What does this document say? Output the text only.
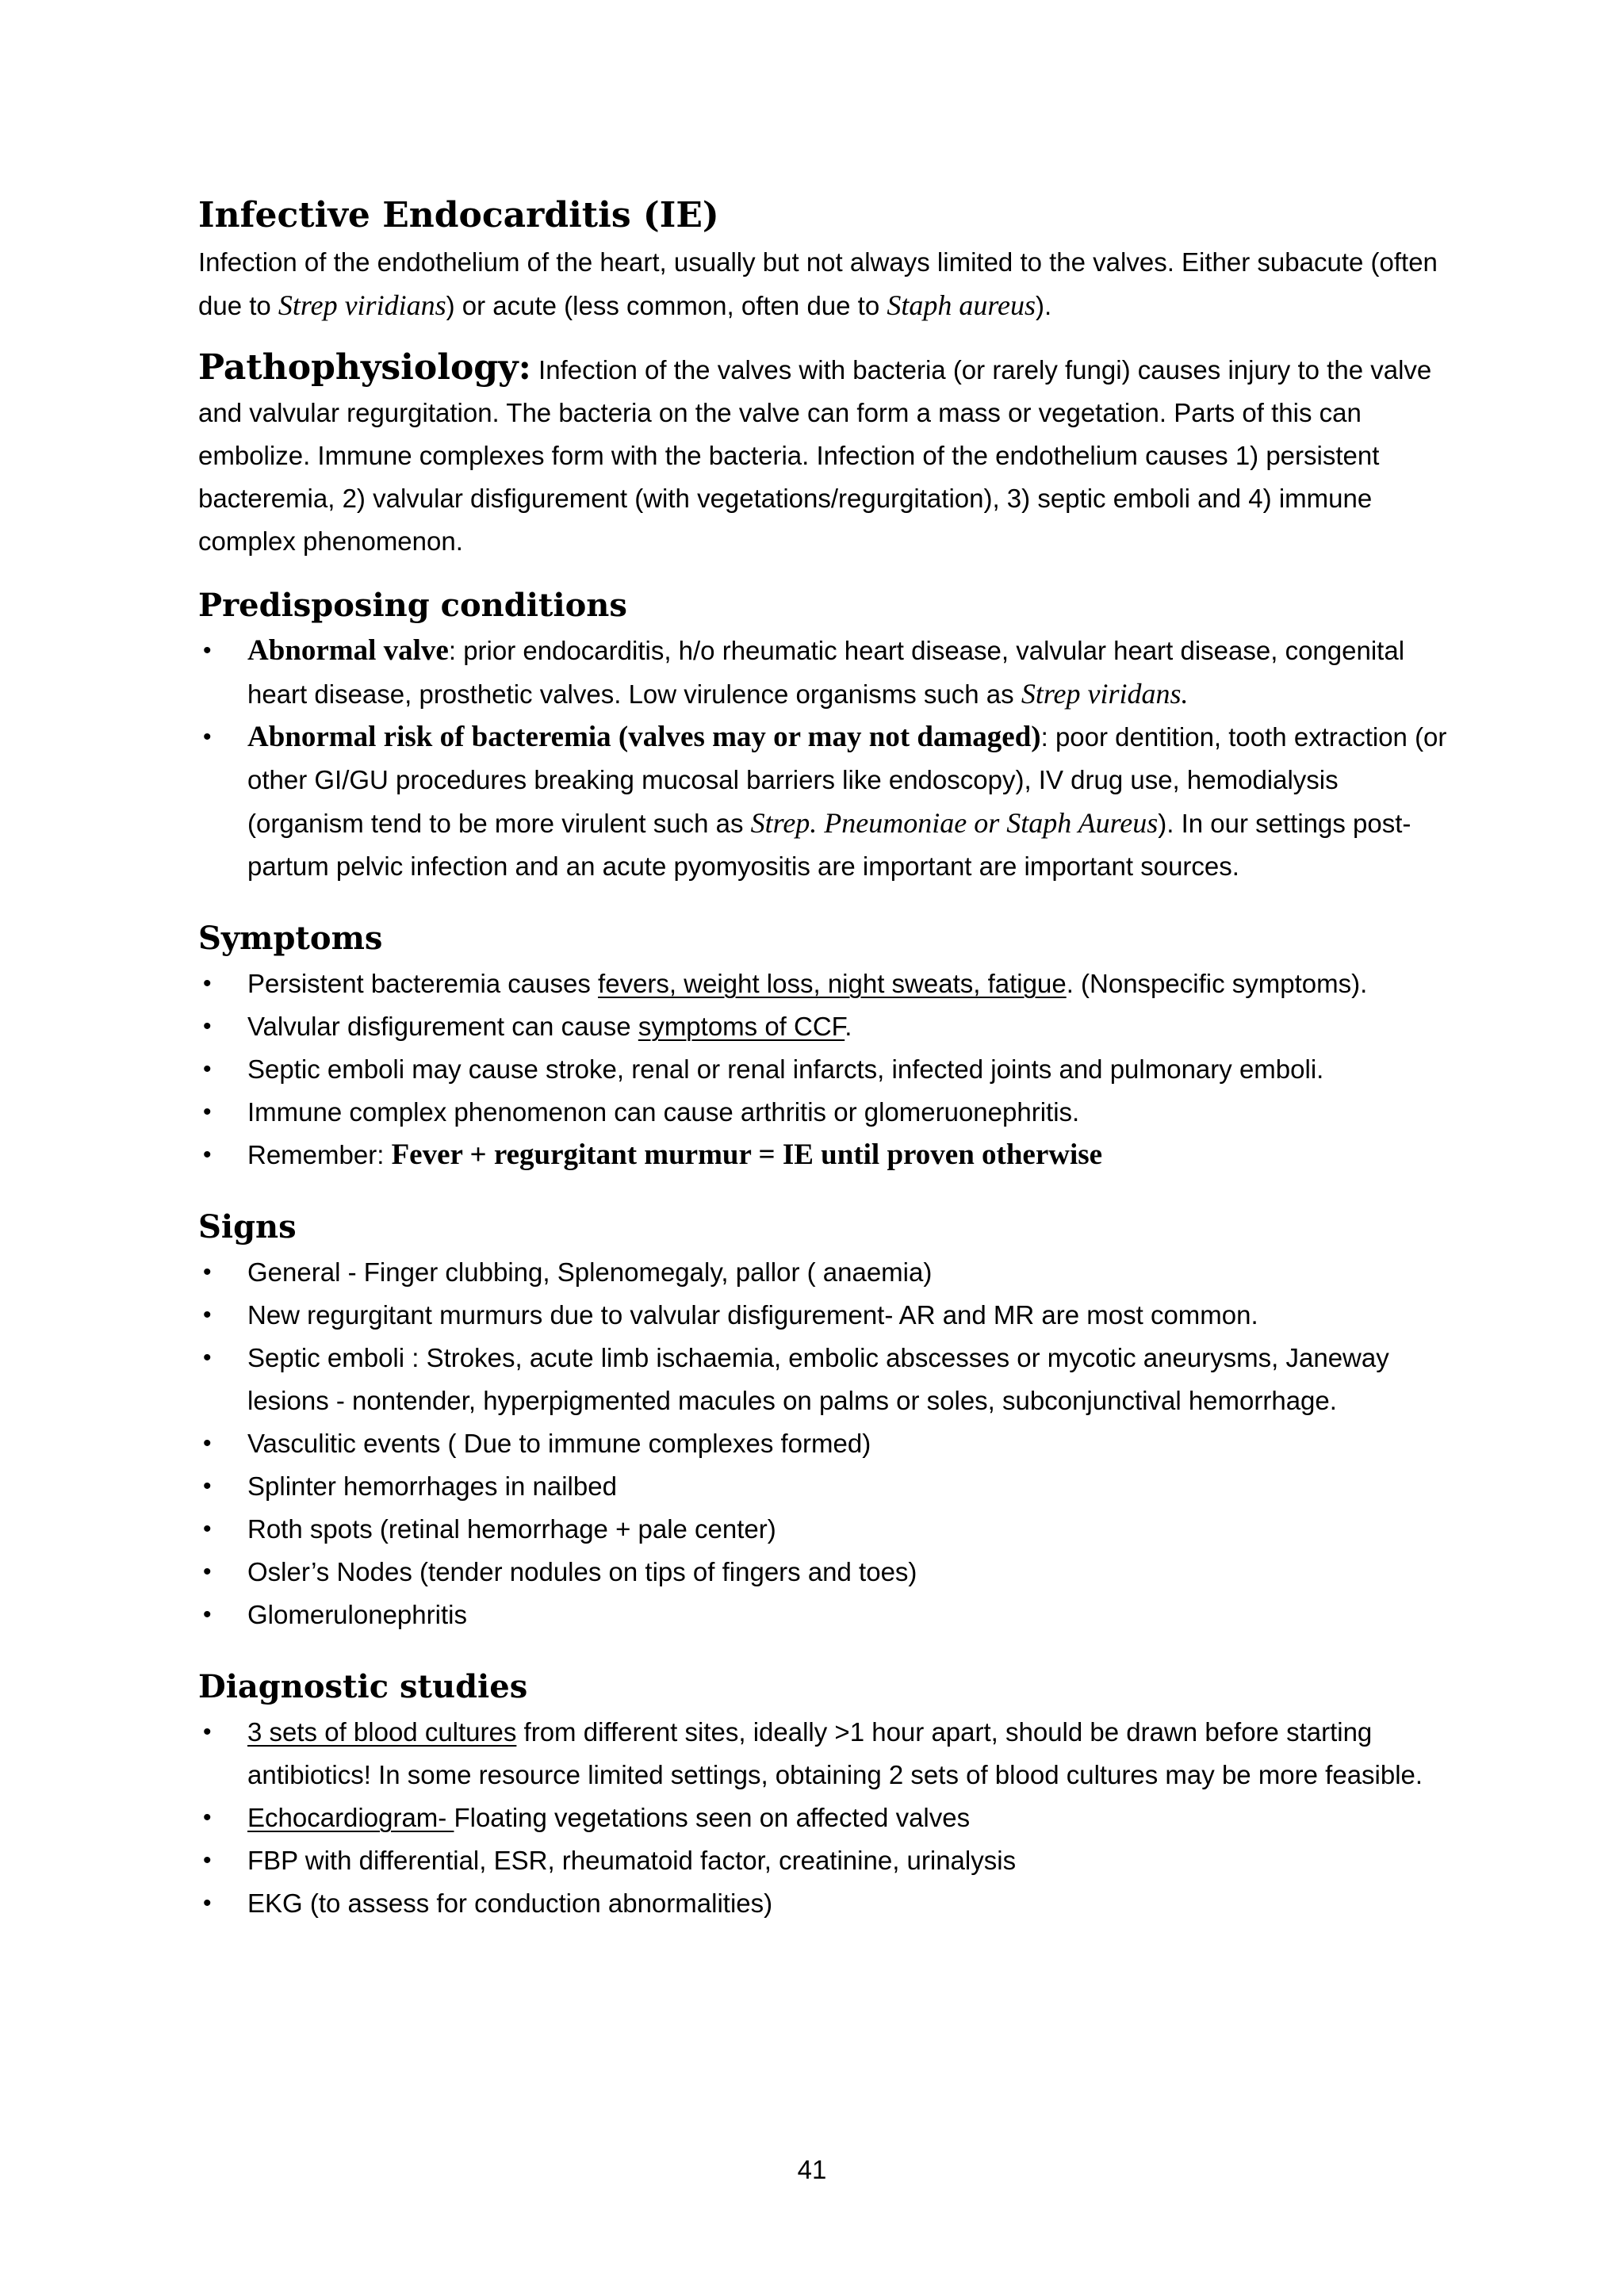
Infective Endocarditis (IE)

Infection of the endothelium of the heart, usually but not always limited to the valves. Either subacute (often due to Strep viridians) or acute (less common, often due to Staph aureus).

Pathophysiology: Infection of the valves with bacteria (or rarely fungi) causes injury to the valve and valvular regurgitation. The bacteria on the valve can form a mass or vegetation. Parts of this can embolize. Immune complexes form with the bacteria. Infection of the endothelium causes 1) persistent bacteremia, 2) valvular disfigurement (with vegetations/regurgitation), 3) septic emboli and 4) immune complex phenomenon.

Predisposing conditions
• Abnormal valve: prior endocarditis, h/o rheumatic heart disease, valvular heart disease, congenital heart disease, prosthetic valves. Low virulence organisms such as Strep viridans.
• Abnormal risk of bacteremia (valves may or may not damaged): poor dentition, tooth extraction (or other GI/GU procedures breaking mucosal barriers like endoscopy), IV drug use, hemodialysis (organism tend to be more virulent such as Strep. Pneumoniae or Staph Aureus). In our settings post-partum pelvic infection and an acute pyomyositis are important are important sources.
Symptoms
• Persistent bacteremia causes fevers, weight loss, night sweats, fatigue. (Nonspecific symptoms).
• Valvular disfigurement can cause symptoms of CCF.
• Septic emboli may cause stroke, renal or renal infarcts, infected joints and pulmonary emboli.
• Immune complex phenomenon can cause arthritis or glomeruonephritis.
• Remember: Fever + regurgitant murmur = IE until proven otherwise
Signs
• General - Finger clubbing, Splenomegaly, pallor ( anaemia)
• New regurgitant murmurs due to valvular disfigurement- AR and MR are most common.
• Septic emboli : Strokes, acute limb ischaemia, embolic abscesses or mycotic aneurysms, Janeway lesions - nontender, hyperpigmented macules on palms or soles, subconjunctival hemorrhage.
• Vasculitic events ( Due to immune complexes formed)
• Splinter hemorrhages in nailbed
• Roth spots (retinal hemorrhage + pale center)
• Osler’s Nodes (tender nodules on tips of fingers and toes)
• Glomerulonephritis
Diagnostic studies
• 3 sets of blood cultures from different sites, ideally >1 hour apart, should be drawn before starting antibiotics! In some resource limited settings, obtaining 2 sets of blood cultures may be more feasible.
• Echocardiogram- Floating vegetations seen on affected valves
• FBP with differential, ESR, rheumatoid factor, creatinine, urinalysis
• EKG (to assess for conduction abnormalities)
41
